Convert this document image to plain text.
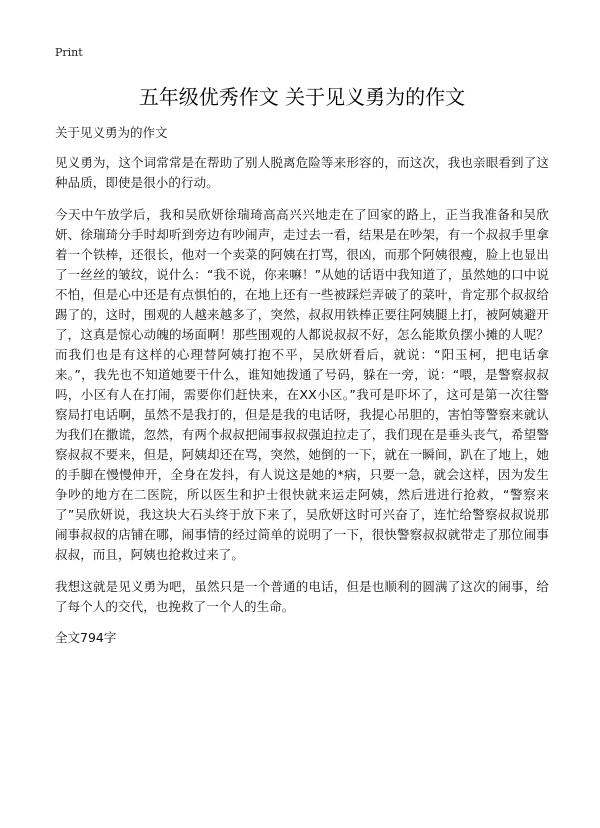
Print
五年级优秀作文 关于见义勇为的作文
关于见义勇为的作文

见义勇为，这个词常常是在帮助了别人脱离危险等来形容的，而这次，我也亲眼看到了这种品质，即使是很小的行动。

今天中午放学后，我和吴欣妍徐瑞琦高高兴兴地走在了回家的路上，正当我准备和吴欣妍、徐瑞琦分手时却听到旁边有吵闹声，走过去一看，结果是在吵架，有一个叔叔手里拿着一个铁棒，还很长，他对一个卖菜的阿姨在打骂，很凶，而那个阿姨很瘦，脸上也显出了一丝丝的皱纹，说什么：“我不说，你来嘛！”从她的话语中我知道了，虽然她的口中说不怕，但是心中还是有点惧怕的，在地上还有一些被踩烂弄破了的菜叶，肯定那个叔叔给踢了的，这时，围观的人越来越多了，突然，叔叔用铁棒正要往阿姨腿上打，被阿姨避开了，这真是惊心动魄的场面啊！那些围观的人都说叔叔不好，怎么能欺负摆小摊的人呢？而我们也是有这样的心理替阿姨打抱不平，吴欣妍看后，就说：“阳玉柯，把电话拿来。”，我先也不知道她要干什么，谁知她拨通了号码，躲在一旁，说：“喂，是警察叔叔吗，小区有人在打闹，需要你们赶快来，在XX小区。”我可是吓坏了，这可是第一次往警察局打电话啊，虽然不是我打的，但是是我的电话呀，我提心吊胆的，害怕等警察来就认为我们在撒谎，忽然，有两个叔叔把闹事叔叔强迫拉走了，我们现在是垂头丧气，希望警察叔叔不要来，但是，阿姨却还在骂，突然，她倒的一下，就在一瞬间，趴在了地上，她的手脚在慢慢伸开，全身在发抖，有人说这是她的*病，只要一急，就会这样，因为发生争吵的地方在二医院，所以医生和护士很快就来运走阿姨，然后进进行抢救，“警察来了”吴欣妍说，我这块大石头终于放下来了，吴欣妍这时可兴奋了，连忙给警察叔叔说那闹事叔叔的店铺在哪，闹事情的经过简单的说明了一下，很快警察叔叔就带走了那位闹事叔叔，而且，阿姨也抢救过来了。

我想这就是见义勇为吧，虽然只是一个普通的电话，但是也顺利的圆满了这次的闹事，给了每个人的交代，也挽救了一个人的生命。

全文794字
